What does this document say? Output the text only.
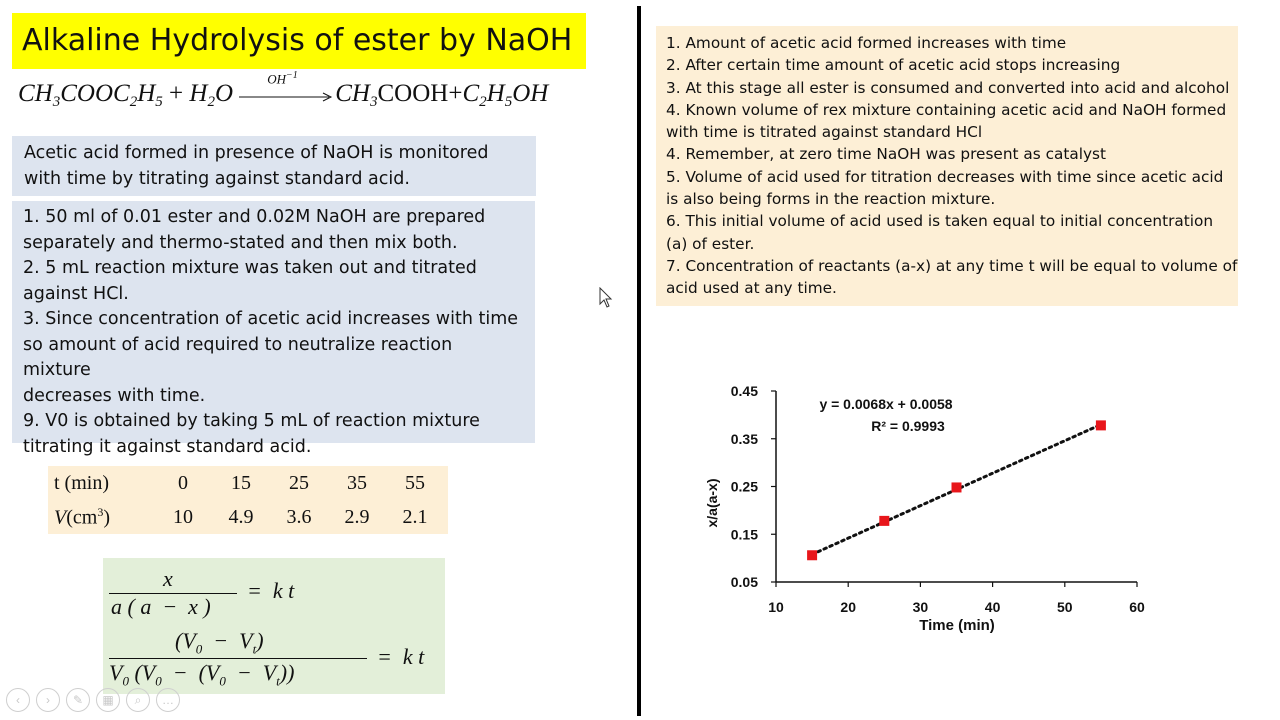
Alkaline Hydrolysis of ester by NaOH
$CH_3COOC_2H_5 + H_2O$
$OH^{-1}$
$CH_3COOH+C_2H_5OH$
Acetic acid formed in presence of NaOH is monitored with time by titrating against standard acid.
1. 50 ml of 0.01 ester and 0.02M NaOH are prepared
separately and thermo-stated and then mix both.
2. 5 mL reaction mixture was taken out and titrated
against HCl.
3. Since concentration of acetic acid increases with time
so amount of acid required to neutralize reaction mixture
decreases with time.
9. V0 is obtained by taking 5 mL of reaction mixture
titrating it against standard acid.
t (min)	0	15	25	35	55
$V(cm^3)$	10	4.9	3.6	2.9	2.1
x
a ( a  −  x )
=  k t
$(V_0 - V_t)$
$V_0$ $(V_0 - (V_0 - V_t))$
=  k t
1. Amount of acetic acid formed increases with time
2. After certain time amount of acetic acid stops increasing
3. At this stage all ester is consumed and converted into acid and alcohol
4. Known volume of rex mixture containing acetic acid and NaOH formed
with time is titrated against standard HCl
4. Remember, at zero time NaOH was present as catalyst
5. Volume of acid used for titration decreases with time since acetic acid
is also being forms in the reaction mixture.
6. This initial volume of acid used is taken equal to initial concentration
(a) of ester.
7. Concentration of reactants (a-x) at any time t will be equal to volume of
acid used at any time.
0.05
0.15
0.25
0.35
0.45
10	20	30	40	50	60
y = 0.0068x + 0.0058
R² = 0.9993
Time (min)
x/a(a-x)
‹ › ✎ ▦ ⌕ …
